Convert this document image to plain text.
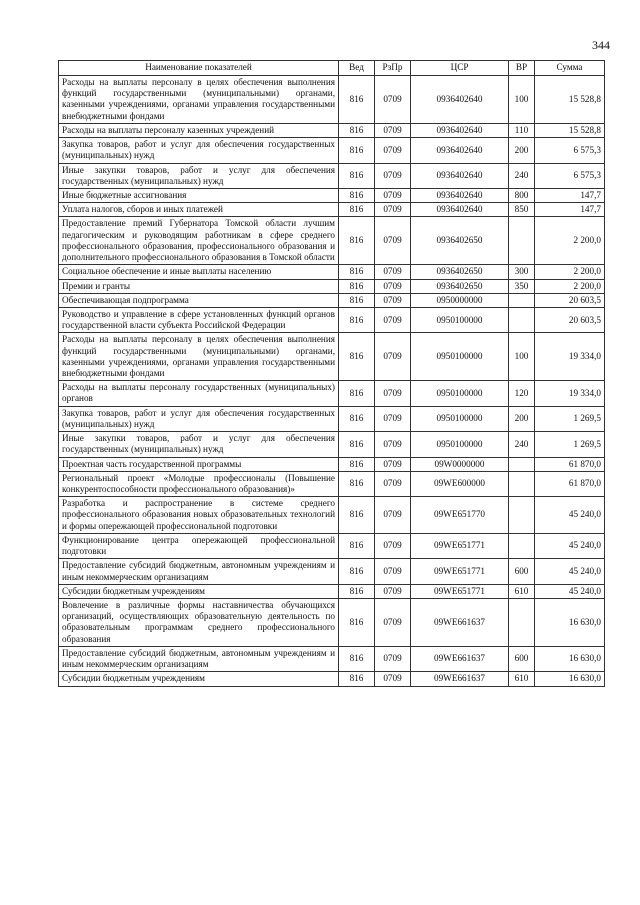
344
Наименование показателей	Вед	РзПр	ЦСР	ВР	Сумма
Расходы на выплаты персоналу в целях обеспечения выполнения функций государственными (муниципальными) органами, казенными учреждениями, органами управления государственными внебюджетными фондами	816	0709	0936402640	100	15 528,8
Расходы на выплаты персоналу казенных учреждений	816	0709	0936402640	110	15 528,8
Закупка товаров, работ и услуг для обеспечения государственных (муниципальных) нужд	816	0709	0936402640	200	6 575,3
Иные закупки товаров, работ и услуг для обеспечения государственных (муниципальных) нужд	816	0709	0936402640	240	6 575,3
Иные бюджетные ассигнования	816	0709	0936402640	800	147,7
Уплата налогов, сборов и иных платежей	816	0709	0936402640	850	147,7
Предоставление премий Губернатора Томской области лучшим педагогическим и руководящим работникам в сфере среднего профессионального образования, профессионального образования и дополнительного профессионального образования в Томской области	816	0709	0936402650		2 200,0
Социальное обеспечение и иные выплаты населению	816	0709	0936402650	300	2 200,0
Премии и гранты	816	0709	0936402650	350	2 200,0
Обеспечивающая подпрограмма	816	0709	0950000000		20 603,5
Руководство и управление в сфере установленных функций органов государственной власти субъекта Российской Федерации	816	0709	0950100000		20 603,5
Расходы на выплаты персоналу в целях обеспечения выполнения функций государственными (муниципальными) органами, казенными учреждениями, органами управления государственными внебюджетными фондами	816	0709	0950100000	100	19 334,0
Расходы на выплаты персоналу государственных (муниципальных) органов	816	0709	0950100000	120	19 334,0
Закупка товаров, работ и услуг для обеспечения государственных (муниципальных) нужд	816	0709	0950100000	200	1 269,5
Иные закупки товаров, работ и услуг для обеспечения государственных (муниципальных) нужд	816	0709	0950100000	240	1 269,5
Проектная часть государственной программы	816	0709	09W0000000		61 870,0
Региональный проект «Молодые профессионалы (Повышение конкурентоспособности профессионального образования)»	816	0709	09WE600000		61 870,0
Разработка и распространение в системе среднего профессионального образования новых образовательных технологий и формы опережающей профессиональной подготовки	816	0709	09WE651770		45 240,0
Функционирование центра опережающей профессиональной подготовки	816	0709	09WE651771		45 240,0
Предоставление субсидий бюджетным, автономным учреждениям и иным некоммерческим организациям	816	0709	09WE651771	600	45 240,0
Субсидии бюджетным учреждениям	816	0709	09WE651771	610	45 240,0
Вовлечение в различные формы наставничества обучающихся организаций, осуществляющих образовательную деятельность по образовательным программам среднего профессионального образования	816	0709	09WE661637		16 630,0
Предоставление субсидий бюджетным, автономным учреждениям и иным некоммерческим организациям	816	0709	09WE661637	600	16 630,0
Субсидии бюджетным учреждениям	816	0709	09WE661637	610	16 630,0
